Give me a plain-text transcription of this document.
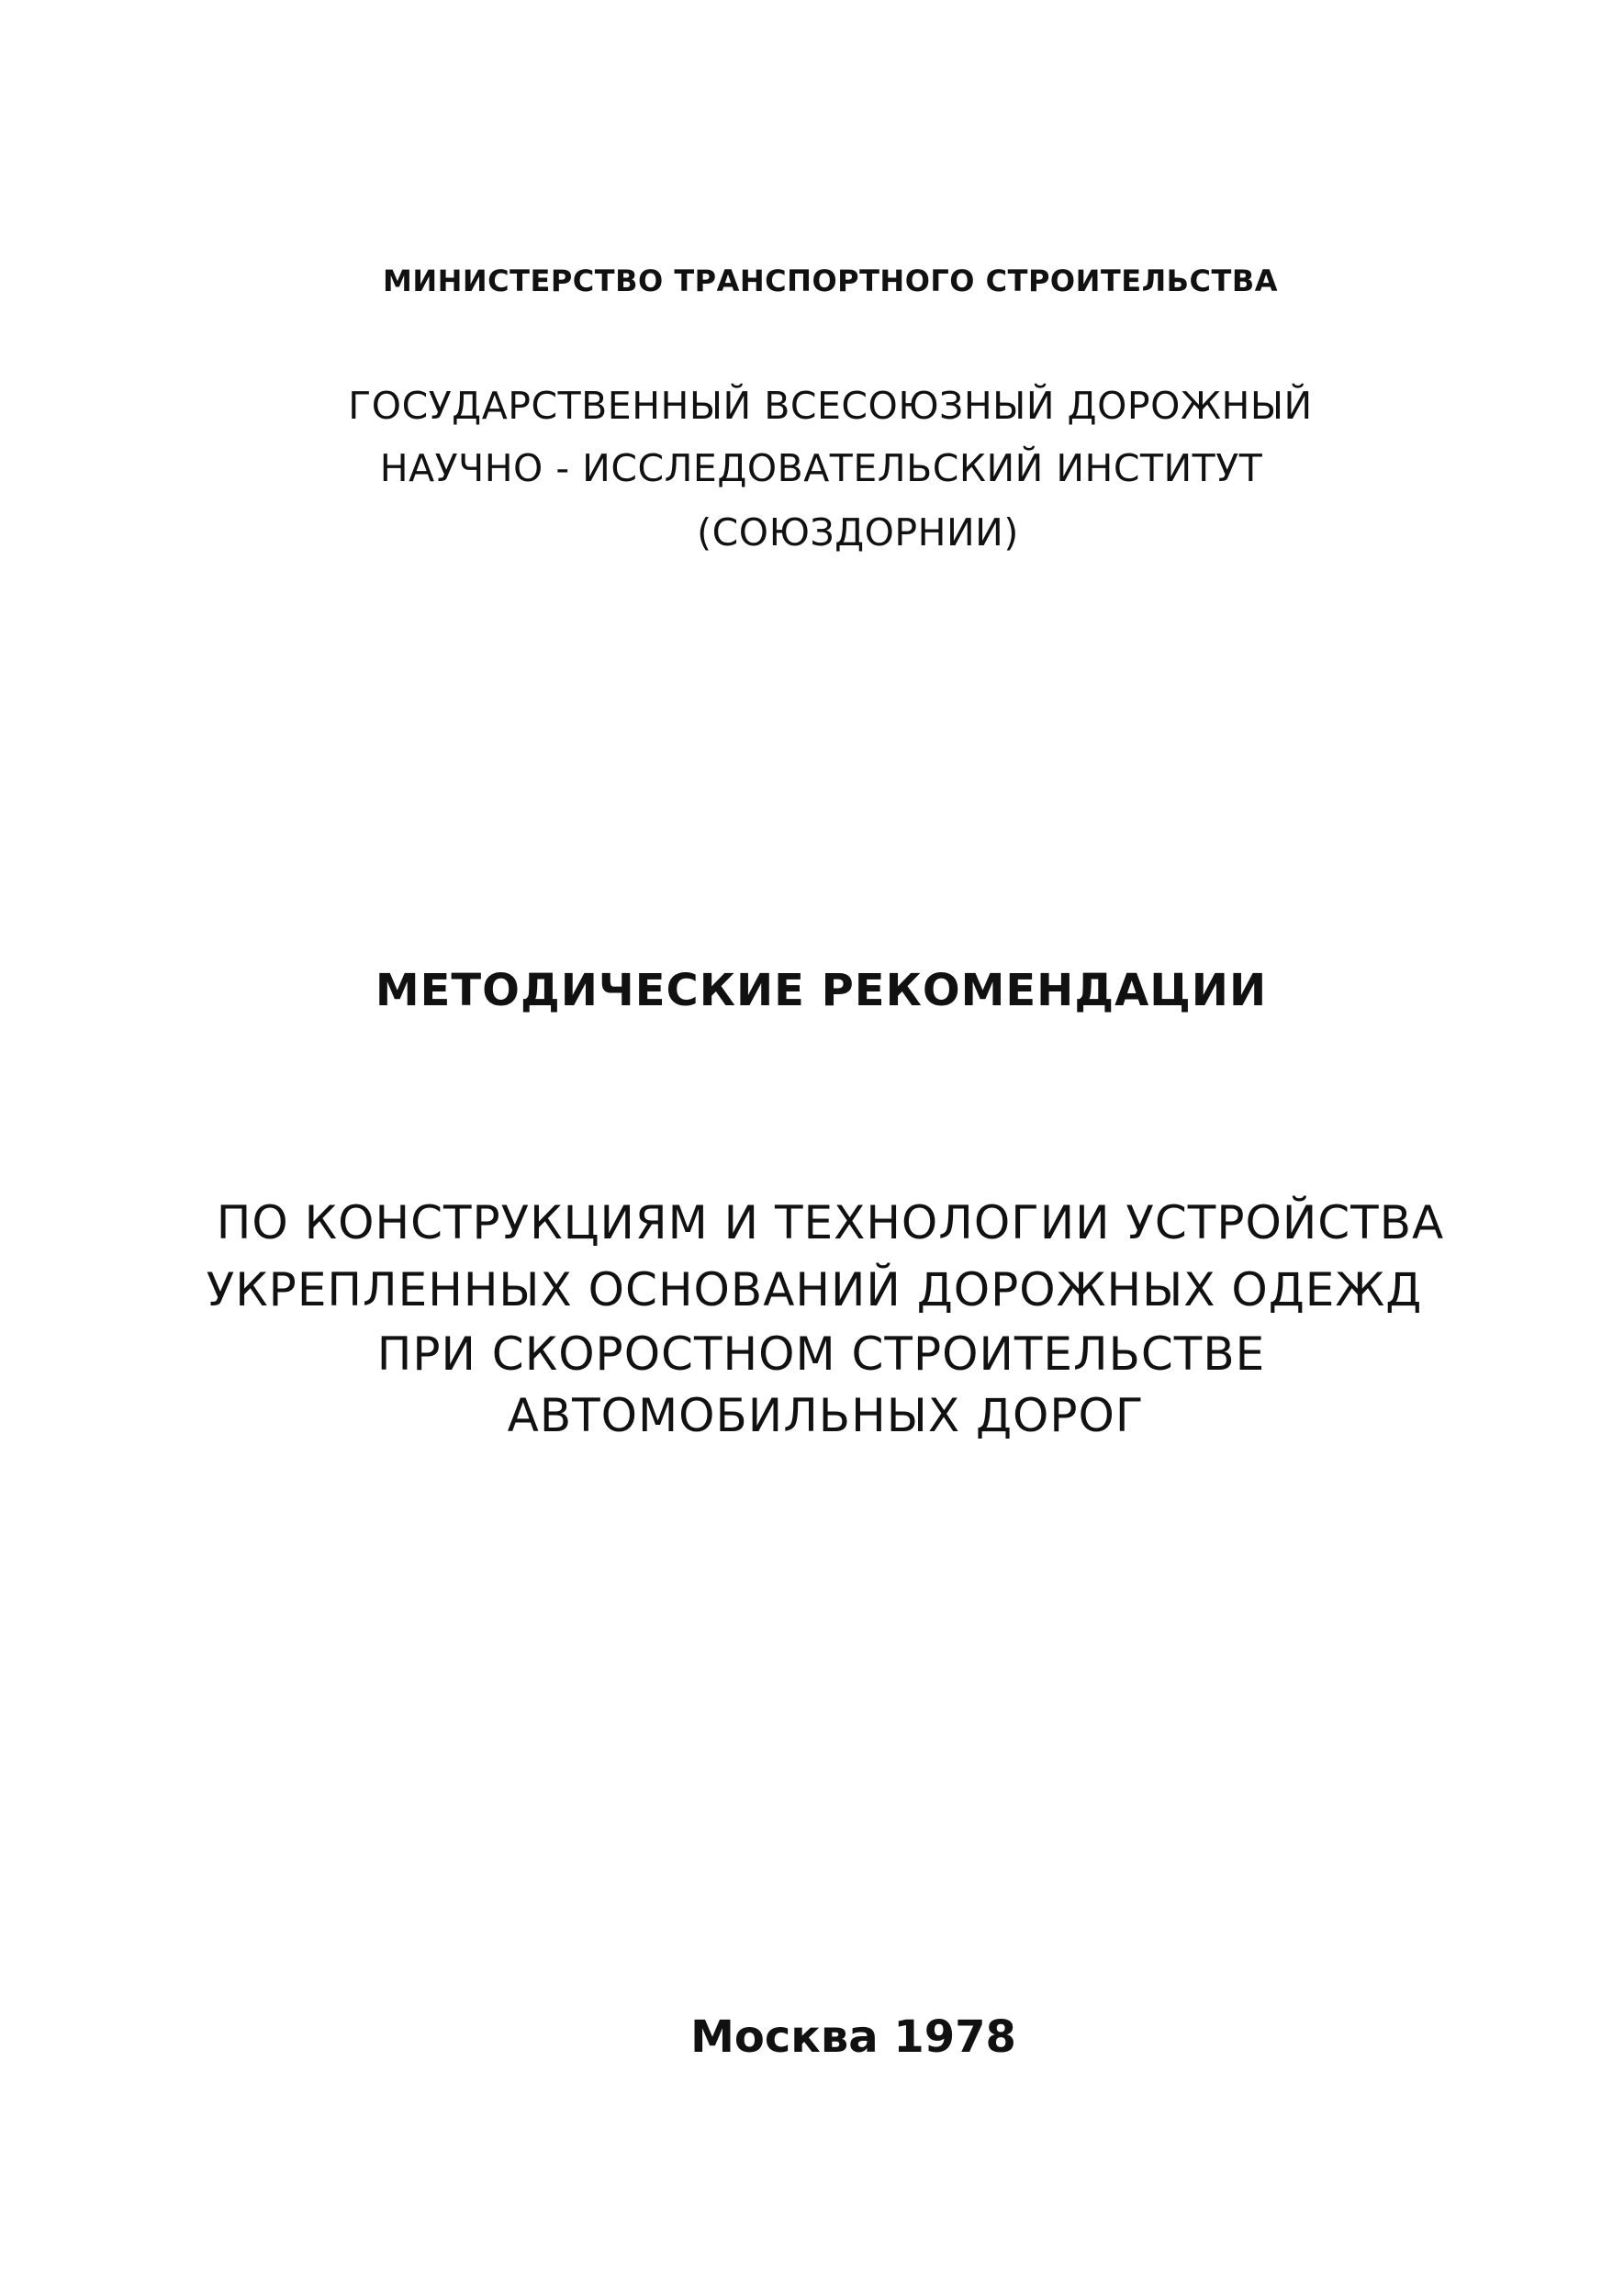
МИНИСТЕРСТВО ТРАНСПОРТНОГО СТРОИТЕЛЬСТВА
ГОСУДАРСТВЕННЫЙ ВСЕСОЮЗНЫЙ ДОРОЖНЫЙ
НАУЧНО - ИССЛЕДОВАТЕЛЬСКИЙ ИНСТИТУТ
(СОЮЗДОРНИИ)
МЕТОДИЧЕСКИЕ РЕКОМЕНДАЦИИ
ПО КОНСТРУКЦИЯМ И ТЕХНОЛОГИИ УСТРОЙСТВА
УКРЕПЛЕННЫХ ОСНОВАНИЙ ДОРОЖНЫХ ОДЕЖД
ПРИ СКОРОСТНОМ СТРОИТЕЛЬСТВЕ
АВТОМОБИЛЬНЫХ ДОРОГ
Москва 1978
